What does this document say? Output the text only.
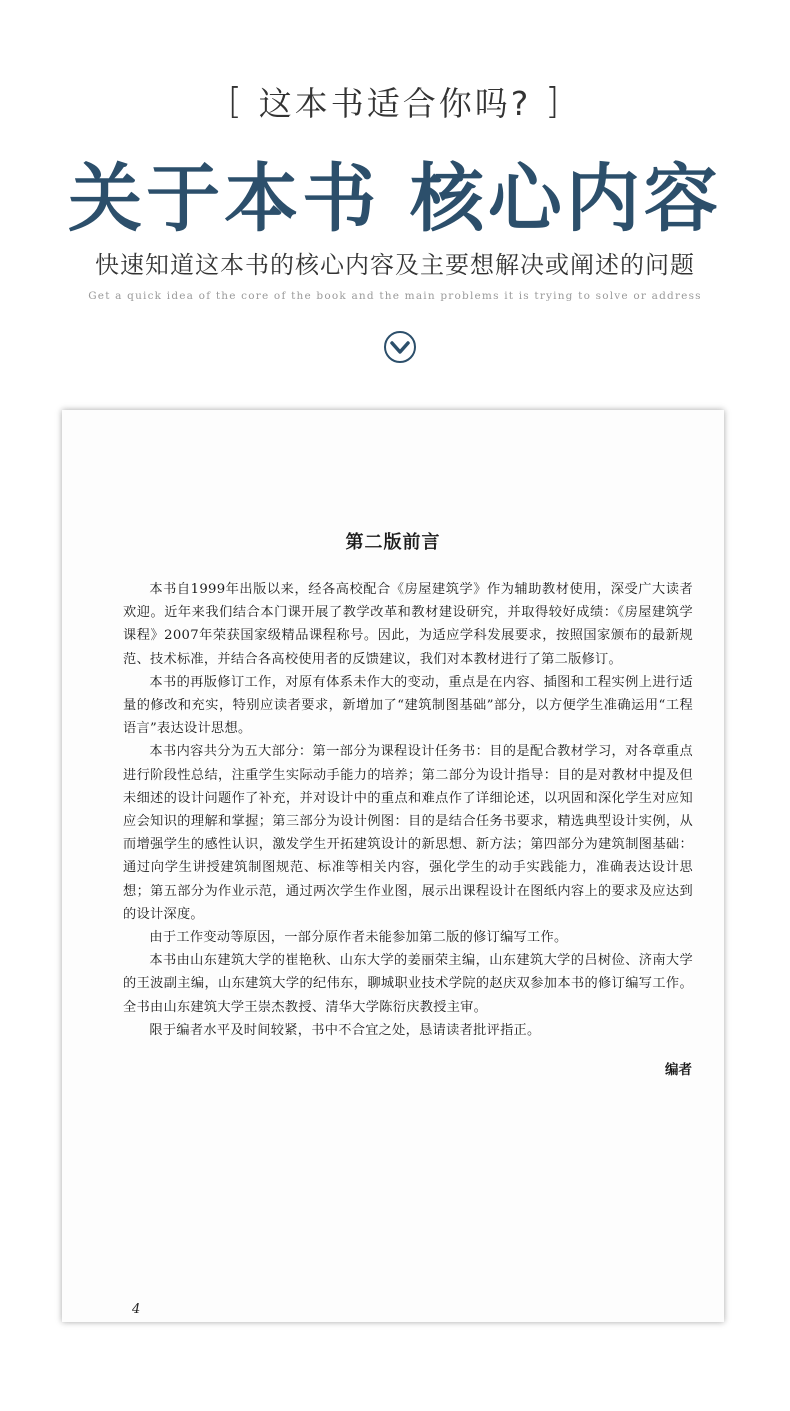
[ 这本书适合你吗? ]
关于本书 核心内容
快速知道这本书的核心内容及主要想解决或阐述的问题
Get a quick idea of the core of the book and the main problems it is trying to solve or address
第二版前言

本书自1999年出版以来，经各高校配合《房屋建筑学》作为辅助教材使用，深受广大读者欢迎。近年来我们结合本门课开展了教学改革和教材建设研究，并取得较好成绩：《房屋建筑学课程》2007年荣获国家级精品课程称号。因此，为适应学科发展要求，按照国家颁布的最新规范、技术标准，并结合各高校使用者的反馈建议，我们对本教材进行了第二版修订。

本书的再版修订工作，对原有体系未作大的变动，重点是在内容、插图和工程实例上进行适量的修改和充实，特别应读者要求，新增加了“建筑制图基础”部分，以方便学生准确运用“工程语言”表达设计思想。

本书内容共分为五大部分：第一部分为课程设计任务书：目的是配合教材学习，对各章重点进行阶段性总结，注重学生实际动手能力的培养；第二部分为设计指导：目的是对教材中提及但未细述的设计问题作了补充，并对设计中的重点和难点作了详细论述，以巩固和深化学生对应知应会知识的理解和掌握；第三部分为设计例图：目的是结合任务书要求，精选典型设计实例，从而增强学生的感性认识，激发学生开拓建筑设计的新思想、新方法；第四部分为建筑制图基础：通过向学生讲授建筑制图规范、标准等相关内容，强化学生的动手实践能力，准确表达设计思想；第五部分为作业示范，通过两次学生作业图，展示出课程设计在图纸内容上的要求及应达到的设计深度。

由于工作变动等原因，一部分原作者未能参加第二版的修订编写工作。

本书由山东建筑大学的崔艳秋、山东大学的姜丽荣主编，山东建筑大学的吕树俭、济南大学的王波副主编，山东建筑大学的纪伟东，聊城职业技术学院的赵庆双参加本书的修订编写工作。全书由山东建筑大学王崇杰教授、清华大学陈衍庆教授主审。

限于编者水平及时间较紧，书中不合宜之处，恳请读者批评指正。

编者
4
